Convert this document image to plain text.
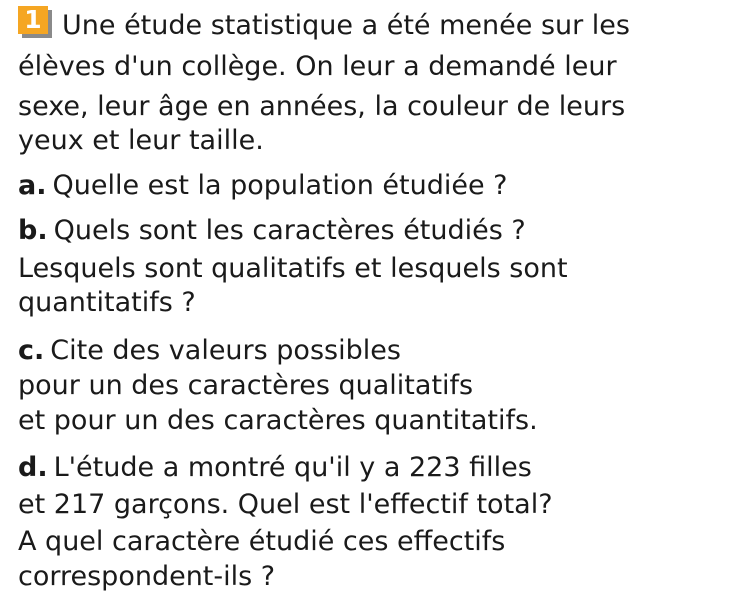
1 Une étude statistique a été menée sur les
élèves d'un collège. On leur a demandé leur
sexe, leur âge en années, la couleur de leurs
yeux et leur taille.
a. Quelle est la population étudiée ?
b. Quels sont les caractères étudiés ?
Lesquels sont qualitatifs et lesquels sont
quantitatifs ?
c. Cite des valeurs possibles
pour un des caractères qualitatifs
et pour un des caractères quantitatifs.
d. L'étude a montré qu'il y a 223 filles
et 217 garçons. Quel est l'effectif total?
A quel caractère étudié ces effectifs
correspondent-ils ?
